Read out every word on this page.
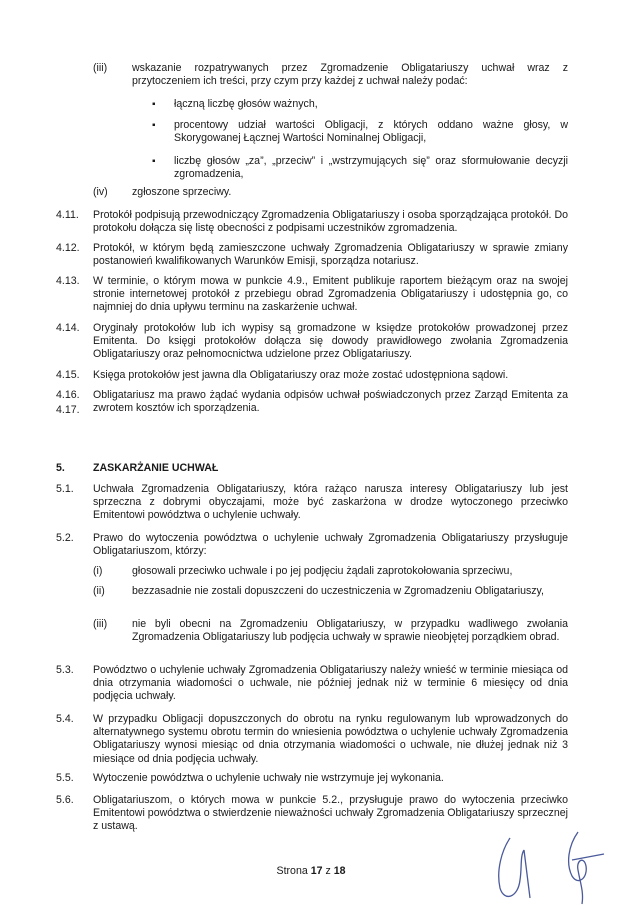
(iii) wskazanie rozpatrywanych przez Zgromadzenie Obligatariuszy uchwał wraz z przytoczeniem ich treści, przy czym przy każdej z uchwał należy podać:
▪ łączną liczbę głosów ważnych,
▪ procentowy udział wartości Obligacji, z których oddano ważne głosy, w Skorygowanej Łącznej Wartości Nominalnej Obligacji,
▪ liczbę głosów „za”, „przeciw” i „wstrzymujących się” oraz sformułowanie decyzji zgromadzenia,
(iv) zgłoszone sprzeciwy.
4.11. Protokół podpisują przewodniczący Zgromadzenia Obligatariuszy i osoba sporządzająca protokół. Do protokołu dołącza się listę obecności z podpisami uczestników zgromadzenia.
4.12. Protokół, w którym będą zamieszczone uchwały Zgromadzenia Obligatariuszy w sprawie zmiany postanowień kwalifikowanych Warunków Emisji, sporządza notariusz.
4.13. W terminie, o którym mowa w punkcie 4.9., Emitent publikuje raportem bieżącym oraz na swojej stronie internetowej protokół z przebiegu obrad Zgromadzenia Obligatariuszy i udostępnia go, co najmniej do dnia upływu terminu na zaskarżenie uchwał.
4.14. Oryginały protokołów lub ich wypisy są gromadzone w księdze protokołów prowadzonej przez Emitenta. Do księgi protokołów dołącza się dowody prawidłowego zwołania Zgromadzenia Obligatariuszy oraz pełnomocnictwa udzielone przez Obligatariuszy.
4.15. Księga protokołów jest jawna dla Obligatariuszy oraz może zostać udostępniona sądowi.
4.16. Obligatariusz ma prawo żądać wydania odpisów uchwał poświadczonych przez Zarząd Emitenta za zwrotem kosztów ich sporządzenia.
4.17.
5.	ZASKARŻANIE UCHWAŁ
5.1. Uchwała Zgromadzenia Obligatariuszy, która rażąco narusza interesy Obligatariuszy lub jest sprzeczna z dobrymi obyczajami, może być zaskarżona w drodze wytoczonego przeciwko Emitentowi powództwa o uchylenie uchwały.
5.2. Prawo do wytoczenia powództwa o uchylenie uchwały Zgromadzenia Obligatariuszy przysługuje Obligatariuszom, którzy:
(i)	głosowali przeciwko uchwale i po jej podjęciu żądali zaprotokołowania sprzeciwu,
(ii)	bezzasadnie nie zostali dopuszczeni do uczestniczenia w Zgromadzeniu Obligatariuszy,
(iii) nie byli obecni na Zgromadzeniu Obligatariuszy, w przypadku wadliwego zwołania Zgromadzenia Obligatariuszy lub podjęcia uchwały w sprawie nieobjętej porządkiem obrad.
5.3. Powództwo o uchylenie uchwały Zgromadzenia Obligatariuszy należy wnieść w terminie miesiąca od dnia otrzymania wiadomości o uchwale, nie później jednak niż w terminie 6 miesięcy od dnia podjęcia uchwały.
5.4. W przypadku Obligacji dopuszczonych do obrotu na rynku regulowanym lub wprowadzonych do alternatywnego systemu obrotu termin do wniesienia powództwa o uchylenie uchwały Zgromadzenia Obligatariuszy wynosi miesiąc od dnia otrzymania wiadomości o uchwale, nie dłużej jednak niż 3 miesiące od dnia podjęcia uchwały.
5.5. Wytoczenie powództwa o uchylenie uchwały nie wstrzymuje jej wykonania.
5.6. Obligatariuszom, o których mowa w punkcie 5.2., przysługuje prawo do wytoczenia przeciwko Emitentowi powództwa o stwierdzenie nieważności uchwały Zgromadzenia Obligatariuszy sprzecznej z ustawą.
Strona 17 z 18
